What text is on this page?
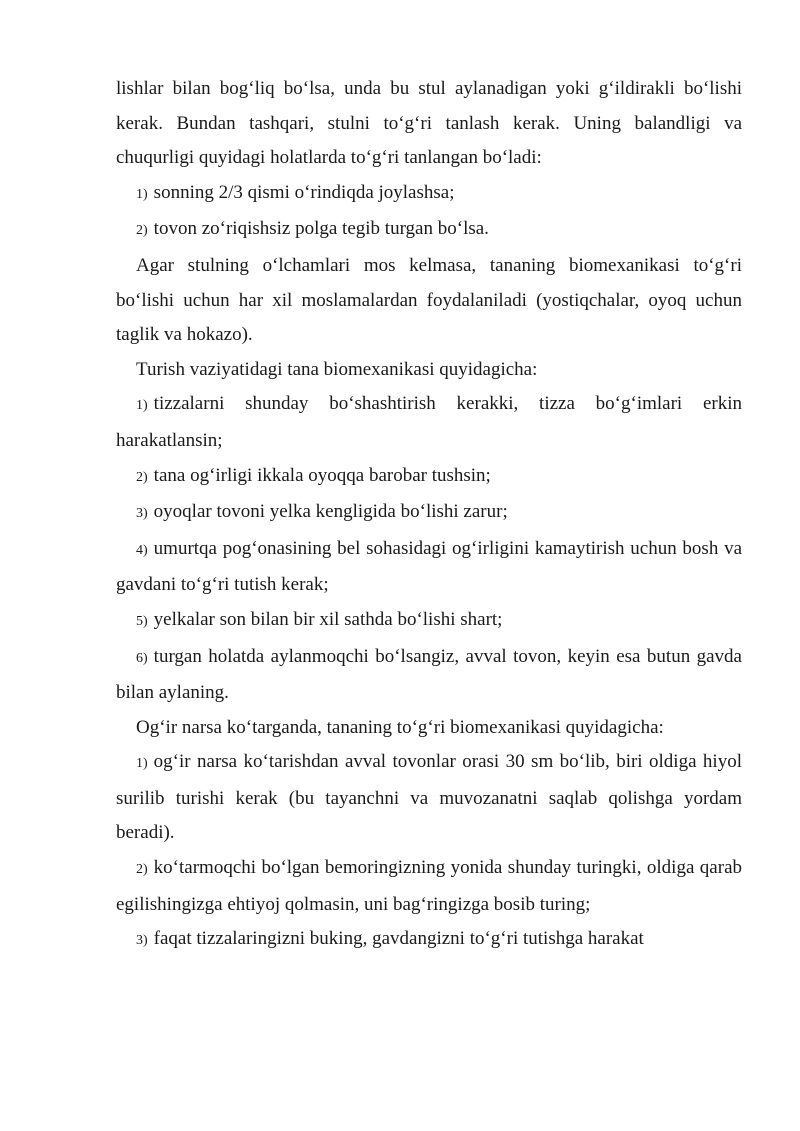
lishlar bilan bog‘liq bo‘lsa, unda bu stul aylanadigan yoki g‘ildirakli bo‘lishi kerak. Bundan tashqari, stulni to‘g‘ri tanlash kerak. Uning balandligi va chuqurligi quyidagi holatlarda to‘g‘ri tanlangan bo‘ladi:

1) sonning 2/3 qismi o‘rindiqda joylashsa;

2) tovon zo‘riqishsiz polga tegib turgan bo‘lsa.

Agar stulning o‘lchamlari mos kelmasa, tananing biomexanikasi to‘g‘ri bo‘lishi uchun har xil moslamalardan foydalaniladi (yostiqchalar, oyoq uchun taglik va hokazo).

Turish vaziyatidagi tana biomexanikasi quyidagicha:

1) tizzalarni shunday bo‘shashtirish kerakki, tizza bo‘g‘imlari erkin harakatlansin;

2) tana og‘irligi ikkala oyoqqa barobar tushsin;

3) oyoqlar tovoni yelka kengligida bo‘lishi zarur;

4) umurtqa pog‘onasining bel sohasidagi og‘irligini kamaytirish uchun bosh va gavdani to‘g‘ri tutish kerak;

5) yelkalar son bilan bir xil sathda bo‘lishi shart;

6) turgan holatda aylanmoqchi bo‘lsangiz, avval tovon, keyin esa butun gavda bilan aylaning.

Og‘ir narsa ko‘targanda, tananing to‘g‘ri biomexanikasi quyidagicha:

1) og‘ir narsa ko‘tarishdan avval tovonlar orasi 30 sm bo‘lib, biri oldiga hiyol surilib turishi kerak (bu tayanchni va muvozanatni saqlab qolishga yordam beradi).

2) ko‘tarmoqchi bo‘lgan bemoringizning yonida shunday turingki, oldiga qarab egilishingizga ehtiyoj qolmasin, uni bag‘ringizga bosib turing;

3) faqat tizzalaringizni buking, gavdangizni to‘g‘ri tutishga harakat
